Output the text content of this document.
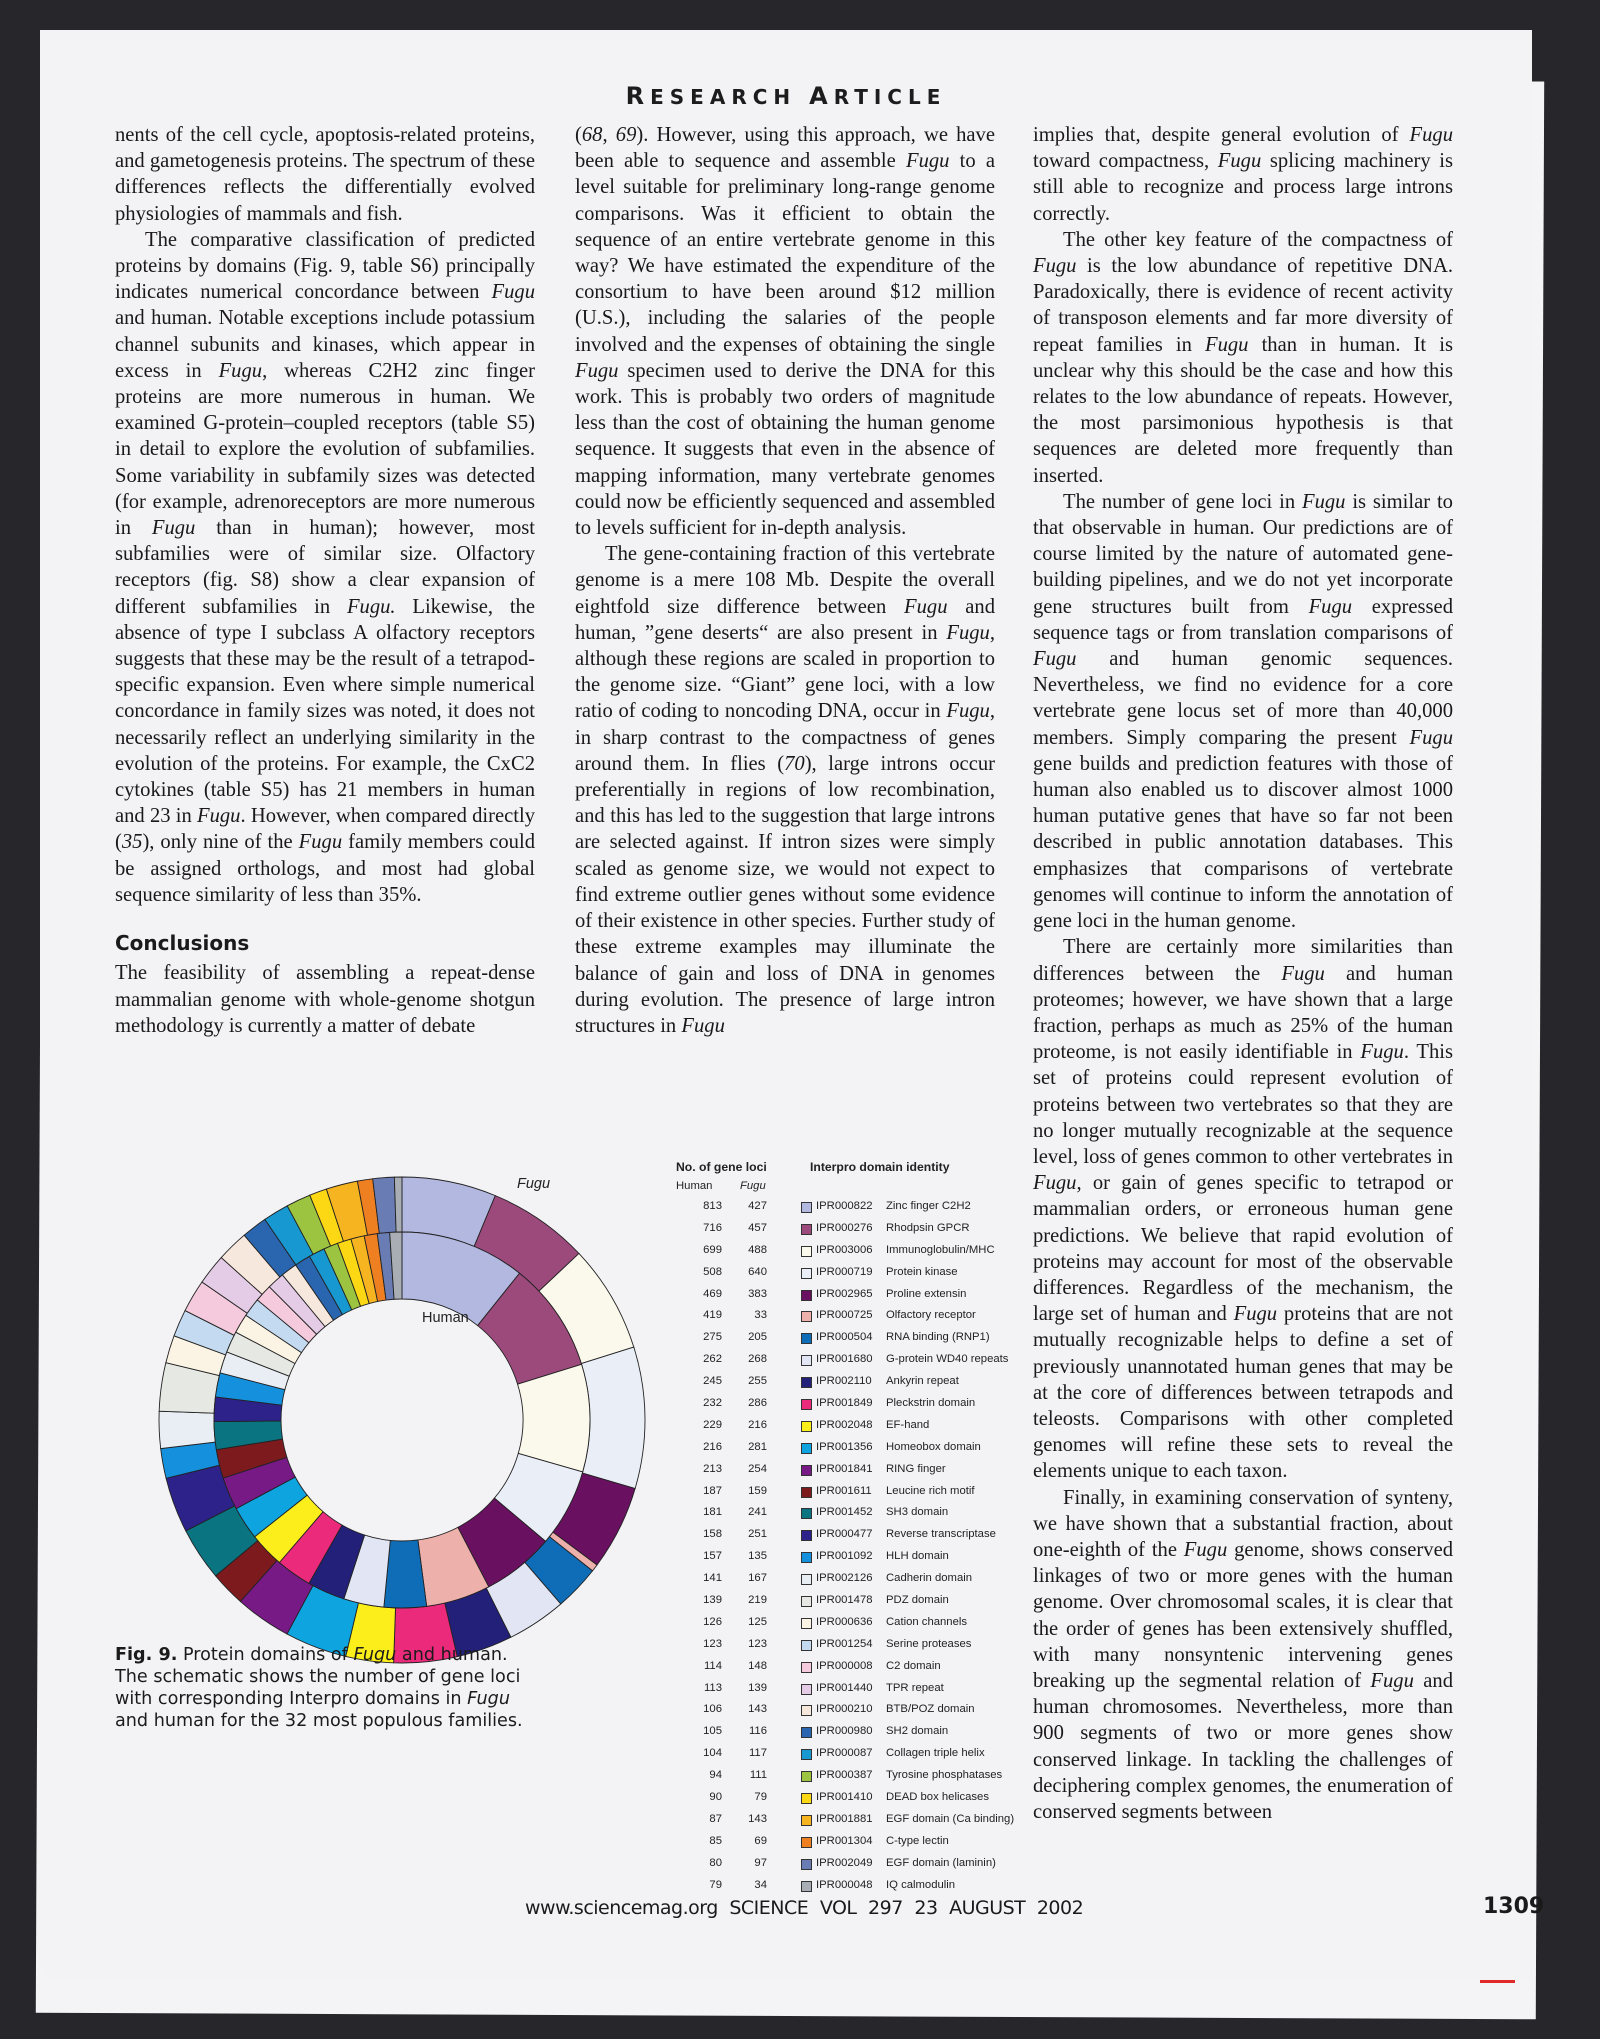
RESEARCH ARTICLE

nents of the cell cycle, apoptosis-related proteins, and gametogenesis proteins. The spectrum of these differences reflects the differentially evolved physiologies of mammals and fish.

The comparative classification of predicted proteins by domains (Fig. 9, table S6) principally indicates numerical concordance between Fugu and human. Notable exceptions include potassium channel subunits and kinases, which appear in excess in Fugu, whereas C2H2 zinc finger proteins are more numerous in human. We examined G-protein–coupled receptors (table S5) in detail to explore the evolution of subfamilies. Some variability in subfamily sizes was detected (for example, adrenoreceptors are more numerous in Fugu than in human); however, most subfamilies were of similar size. Olfactory receptors (fig. S8) show a clear expansion of different subfamilies in Fugu. Likewise, the absence of type I subclass A olfactory receptors suggests that these may be the result of a tetrapod-specific expansion. Even where simple numerical concordance in family sizes was noted, it does not necessarily reflect an underlying similarity in the evolution of the proteins. For example, the CxC2 cytokines (table S5) has 21 members in human and 23 in Fugu. However, when compared directly (35), only nine of the Fugu family members could be assigned orthologs, and most had global sequence similarity of less than 35%.

Conclusions

The feasibility of assembling a repeat-dense mammalian genome with whole-genome shotgun methodology is currently a matter of debate

(68, 69). However, using this approach, we have been able to sequence and assemble Fugu to a level suitable for preliminary long-range genome comparisons. Was it efficient to obtain the sequence of an entire vertebrate genome in this way? We have estimated the expenditure of the consortium to have been around $12 million (U.S.), including the salaries of the people involved and the expenses of obtaining the single Fugu specimen used to derive the DNA for this work. This is probably two orders of magnitude less than the cost of obtaining the human genome sequence. It suggests that even in the absence of mapping information, many vertebrate genomes could now be efficiently sequenced and assembled to levels sufficient for in-depth analysis.

The gene-containing fraction of this vertebrate genome is a mere 108 Mb. Despite the overall eightfold size difference between Fugu and human, ”gene deserts“ are also present in Fugu, although these regions are scaled in proportion to the genome size. “Giant” gene loci, with a low ratio of coding to noncoding DNA, occur in Fugu, in sharp contrast to the compactness of genes around them. In flies (70), large introns occur preferentially in regions of low recombination, and this has led to the suggestion that large introns are selected against. If intron sizes were simply scaled as genome size, we would not expect to find extreme outlier genes without some evidence of their existence in other species. Further study of these extreme examples may illuminate the balance of gain and loss of DNA in genomes during evolution. The presence of large intron structures in Fugu

implies that, despite general evolution of Fugu toward compactness, Fugu splicing machinery is still able to recognize and process large introns correctly.

The other key feature of the compactness of Fugu is the low abundance of repetitive DNA. Paradoxically, there is evidence of recent activity of transposon elements and far more diversity of repeat families in Fugu than in human. It is unclear why this should be the case and how this relates to the low abundance of repeats. However, the most parsimonious hypothesis is that sequences are deleted more frequently than inserted.

The number of gene loci in Fugu is similar to that observable in human. Our predictions are of course limited by the nature of automated gene-building pipelines, and we do not yet incorporate gene structures built from Fugu expressed sequence tags or from translation comparisons of Fugu and human genomic sequences. Nevertheless, we find no evidence for a core vertebrate gene locus set of more than 40,000 members. Simply comparing the present Fugu gene builds and prediction features with those of human also enabled us to discover almost 1000 human putative genes that have so far not been described in public annotation databases. This emphasizes that comparisons of vertebrate genomes will continue to inform the annotation of gene loci in the human genome.

There are certainly more similarities than differences between the Fugu and human proteomes; however, we have shown that a large fraction, perhaps as much as 25% of the human proteome, is not easily identifiable in Fugu. This set of proteins could represent evolution of proteins between two vertebrates so that they are no longer mutually recognizable at the sequence level, loss of genes common to other vertebrates in Fugu, or gain of genes specific to tetrapod or mammalian orders, or erroneous human gene predictions. We believe that rapid evolution of proteins may account for most of the observable differences. Regardless of the mechanism, the large set of human and Fugu proteins that are not mutually recognizable helps to define a set of previously unannotated human genes that may be at the core of differences between tetrapods and teleosts. Comparisons with other completed genomes will refine these sets to reveal the elements unique to each taxon.

Finally, in examining conservation of synteny, we have shown that a substantial fraction, about one-eighth of the Fugu genome, shows conserved linkages of two or more genes with the human genome. Over chromosomal scales, it is clear that the order of genes has been extensively shuffled, with many nonsyntenic intervening genes breaking up the segmental relation of Fugu and human chromosomes. Nevertheless, more than 900 segments of two or more genes show conserved linkage. In tackling the challenges of deciphering complex genomes, the enumeration of conserved segments between

Fugu
Human
No. of gene loci	Interpro domain identity
Human Fugu
813	427	IPR000822 Zinc finger C2H2
716	457	IPR000276 Rhodpsin GPCR
699	488	IPR003006 Immunoglobulin/MHC
508	640	IPR000719 Protein kinase
469	383	IPR002965 Proline extensin
419	33	IPR000725 Olfactory receptor
275	205	IPR000504 RNA binding (RNP1)
262	268	IPR001680 G-protein WD40 repeats
245	255	IPR002110 Ankyrin repeat
232	286	IPR001849 Pleckstrin domain
229	216	IPR002048 EF-hand
216	281	IPR001356 Homeobox domain
213	254	IPR001841 RING finger
187	159	IPR001611 Leucine rich motif
181	241	IPR001452 SH3 domain
158	251	IPR000477 Reverse transcriptase
157	135	IPR001092 HLH domain
141	167	IPR002126 Cadherin domain
139	219	IPR001478 PDZ domain
126	125	IPR000636 Cation channels
123	123	IPR001254 Serine proteases
114	148	IPR000008 C2 domain
113	139	IPR001440 TPR repeat
106	143	IPR000210 BTB/POZ domain
105	116	IPR000980 SH2 domain
104	117	IPR000087 Collagen triple helix
94	111	IPR000387 Tyrosine phosphatases
90	79	IPR001410 DEAD box helicases
87	143	IPR001881 EGF domain (Ca binding)
85	69	IPR001304 C-type lectin
80	97	IPR002049 EGF domain (laminin)
79	34	IPR000048 IQ calmodulin
Fig. 9. Protein domains of Fugu and human. The schematic shows the number of gene loci with corresponding Interpro domains in Fugu and human for the 32 most populous families.
www.sciencemag.org SCIENCE VOL 297 23 AUGUST 2002	1309
